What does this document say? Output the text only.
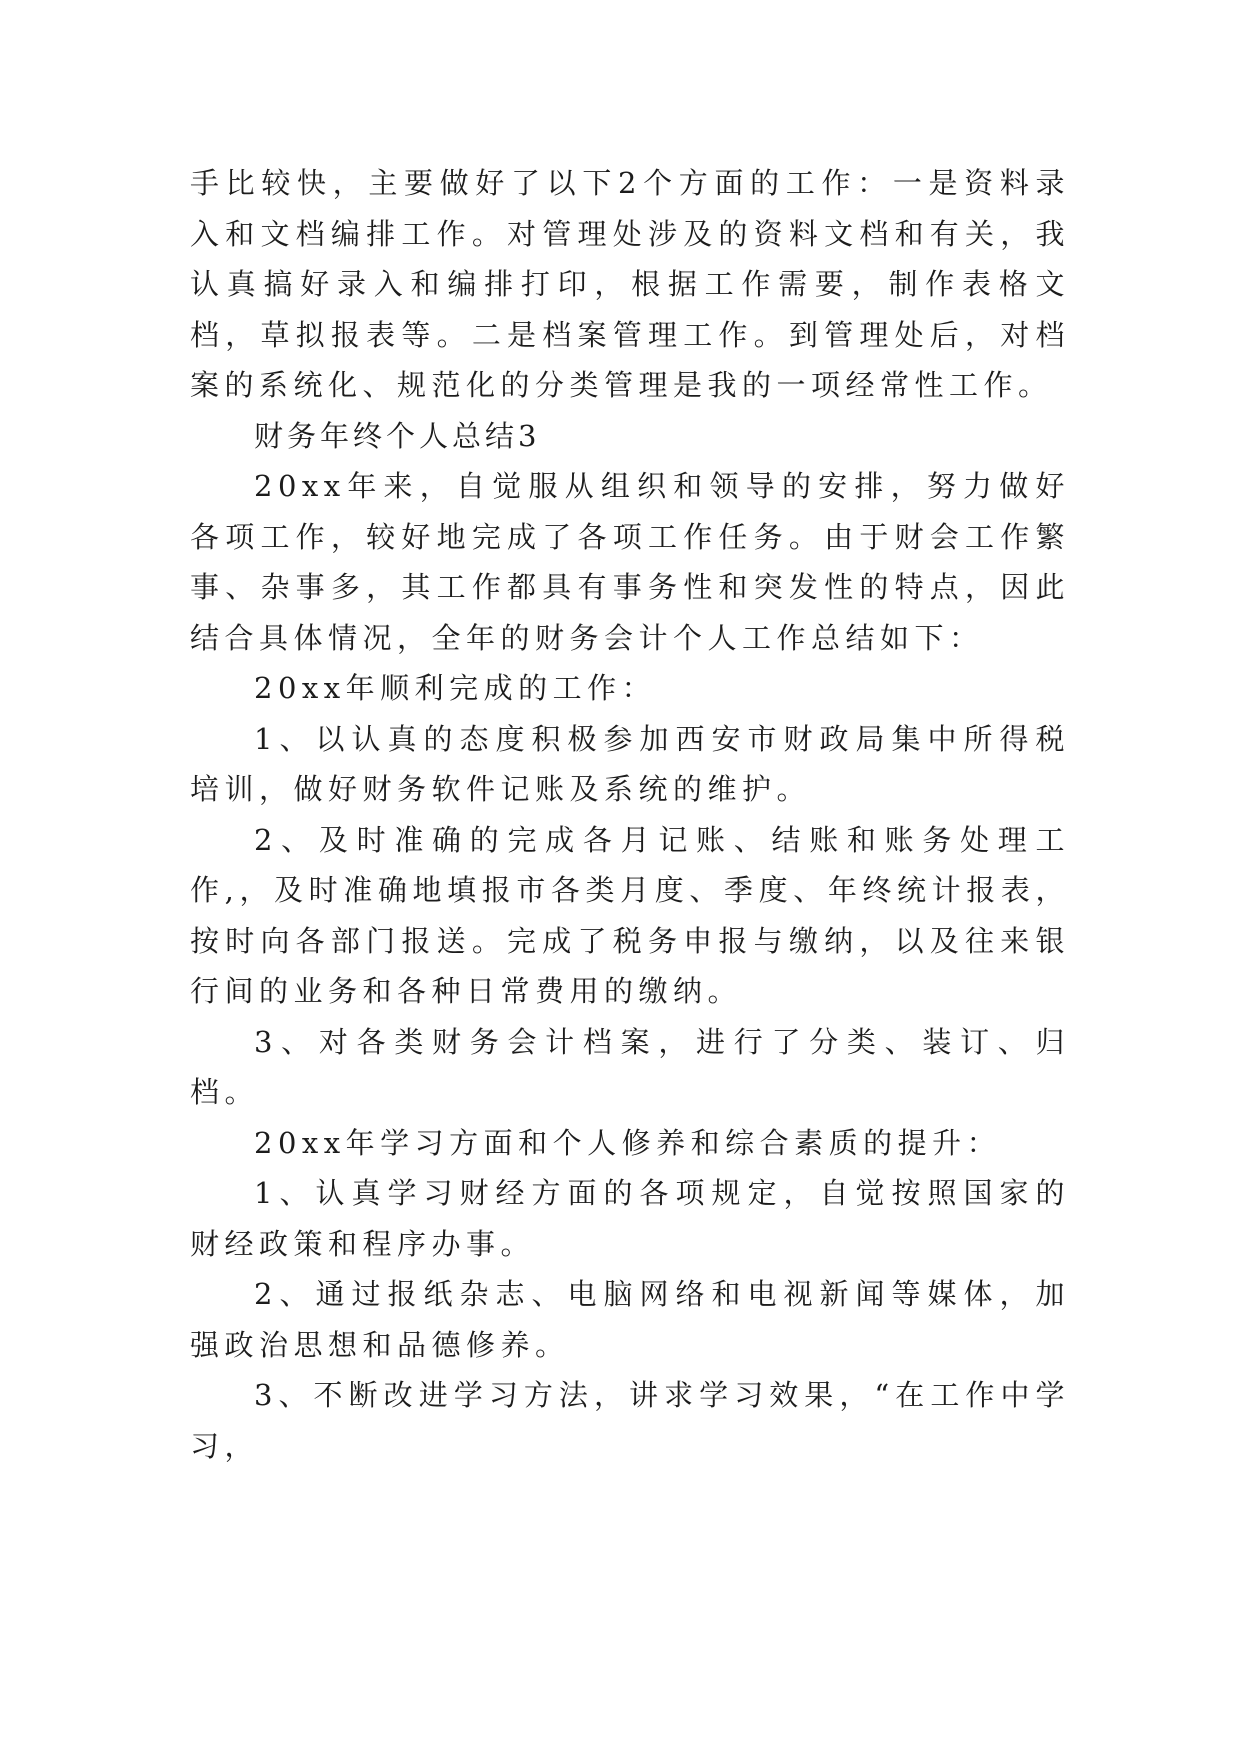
手比较快，主要做好了以下2个方面的工作：一是资料录入和文档编排工作。对管理处涉及的资料文档和有关，我认真搞好录入和编排打印，根据工作需要，制作表格文档，草拟报表等。二是档案管理工作。到管理处后，对档案的系统化、规范化的分类管理是我的一项经常性工作。

财务年终个人总结3

20xx年来，自觉服从组织和领导的安排，努力做好各项工作，较好地完成了各项工作任务。由于财会工作繁事、杂事多，其工作都具有事务性和突发性的特点，因此结合具体情况，全年的财务会计个人工作总结如下：

20xx年顺利完成的工作：

1、以认真的态度积极参加西安市财政局集中所得税培训，做好财务软件记账及系统的维护。

2、及时准确的完成各月记账、结账和账务处理工作,，及时准确地填报市各类月度、季度、年终统计报表，按时向各部门报送。完成了税务申报与缴纳，以及往来银行间的业务和各种日常费用的缴纳。

3、对各类财务会计档案，进行了分类、装订、归档。

20xx年学习方面和个人修养和综合素质的提升：

1、认真学习财经方面的各项规定，自觉按照国家的财经政策和程序办事。

2、通过报纸杂志、电脑网络和电视新闻等媒体，加强政治思想和品德修养。

3、不断改进学习方法，讲求学习效果，“在工作中学习，
